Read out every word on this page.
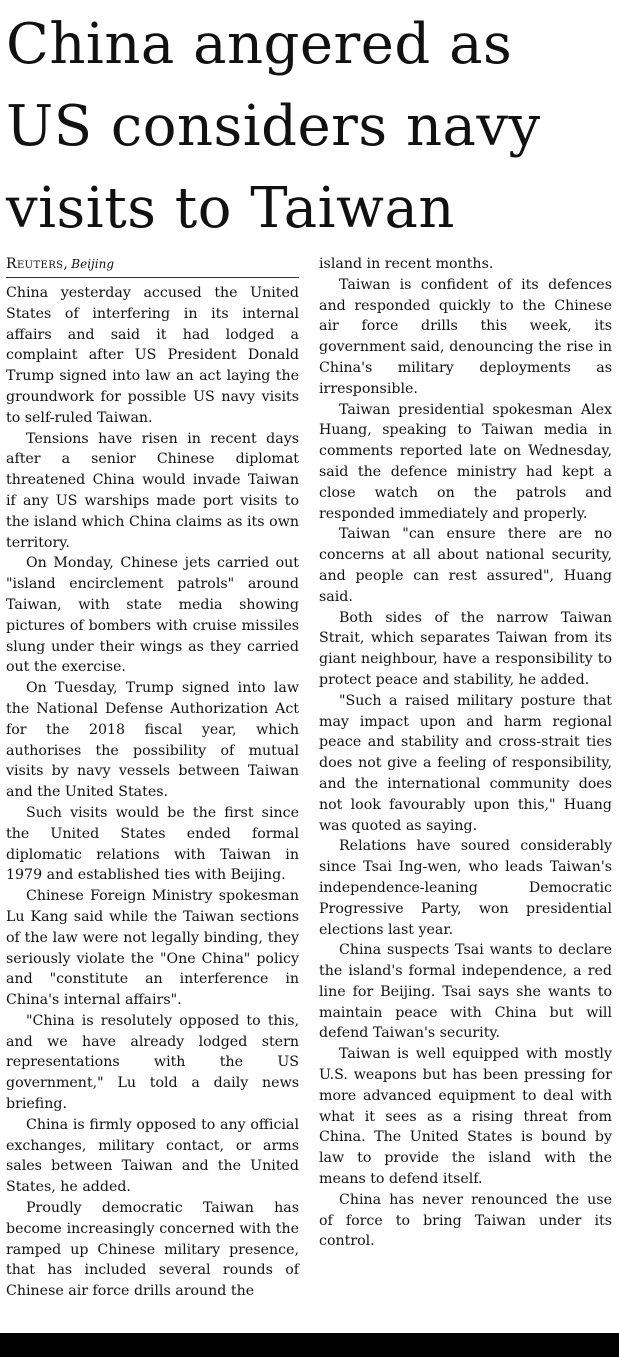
China angered as US considers navy visits to Taiwan
Reuters, Beijing

China yesterday accused the United States of interfering in its internal affairs and said it had lodged a complaint after US President Donald Trump signed into law an act laying the groundwork for possible US navy visits to self-ruled Taiwan.

Tensions have risen in recent days after a senior Chinese diplomat threatened China would invade Taiwan if any US warships made port visits to the island which China claims as its own territory.

On Monday, Chinese jets carried out "island encirclement patrols" around Taiwan, with state media showing pictures of bombers with cruise missiles slung under their wings as they carried out the exercise.

On Tuesday, Trump signed into law the National Defense Authorization Act for the 2018 fiscal year, which authorises the possibility of mutual visits by navy vessels between Taiwan and the United States.

Such visits would be the first since the United States ended formal diplomatic relations with Taiwan in 1979 and established ties with Beijing.

Chinese Foreign Ministry spokesman Lu Kang said while the Taiwan sections of the law were not legally binding, they seriously violate the "One China" policy and "constitute an interference in China's internal affairs".

"China is resolutely opposed to this, and we have already lodged stern representations with the US government," Lu told a daily news briefing.

China is firmly opposed to any official exchanges, military contact, or arms sales between Taiwan and the United States, he added.

Proudly democratic Taiwan has become increasingly concerned with the ramped up Chinese military presence, that has included several rounds of Chinese air force drills around the

island in recent months.

Taiwan is confident of its defences and responded quickly to the Chinese air force drills this week, its government said, denouncing the rise in China's military deployments as irresponsible.

Taiwan presidential spokesman Alex Huang, speaking to Taiwan media in comments reported late on Wednesday, said the defence ministry had kept a close watch on the patrols and responded immediately and properly.

Taiwan "can ensure there are no concerns at all about national security, and people can rest assured", Huang said.

Both sides of the narrow Taiwan Strait, which separates Taiwan from its giant neighbour, have a responsibility to protect peace and stability, he added.

"Such a raised military posture that may impact upon and harm regional peace and stability and cross-strait ties does not give a feeling of responsibility, and the international community does not look favourably upon this," Huang was quoted as saying.

Relations have soured considerably since Tsai Ing-wen, who leads Taiwan's independence-leaning Democratic Progressive Party, won presidential elections last year.

China suspects Tsai wants to declare the island's formal independence, a red line for Beijing. Tsai says she wants to maintain peace with China but will defend Taiwan's security.

Taiwan is well equipped with mostly U.S. weapons but has been pressing for more advanced equipment to deal with what it sees as a rising threat from China. The United States is bound by law to provide the island with the means to defend itself.

China has never renounced the use of force to bring Taiwan under its control.
